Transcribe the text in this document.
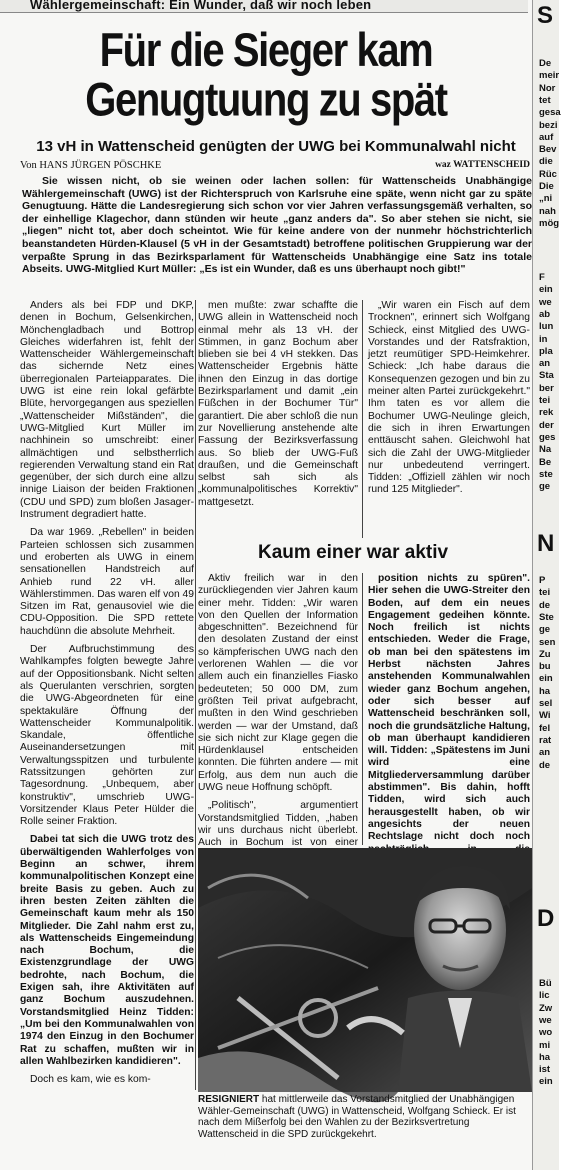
Wählergemeinschaft: Ein Wunder, daß wir noch leben
Für die Sieger kam
Genugtuung zu spät
13 vH in Wattenscheid genügten der UWG bei Kommunalwahl nicht
Von HANS JÜRGEN PÖSCHKE	waz WATTENSCHEID

Sie wissen nicht, ob sie weinen oder lachen sollen: für Wattenscheids Unabhängige Wählergemeinschaft (UWG) ist der Richterspruch von Karlsruhe eine späte, wenn nicht gar zu späte Genugtuung. Hätte die Landesregierung sich schon vor vier Jahren verfassungsgemäß verhalten, so der einhellige Klagechor, dann stünden wir heute „ganz anders da". So aber stehen sie nicht, sie „liegen" nicht tot, aber doch scheintot. Wie für keine andere von der nunmehr höchstrichterlich beanstandeten Hürden-Klausel (5 vH in der Gesamtstadt) betroffene politischen Gruppierung war der verpaßte Sprung in das Bezirksparlament für Wattenscheids Unabhängige eine Satz ins totale Abseits. UWG-Mitglied Kurt Müller: „Es ist ein Wunder, daß es uns überhaupt noch gibt!"

Anders als bei FDP und DKP, denen in Bochum, Gelsenkirchen, Mönchengladbach und Bottrop Gleiches widerfahren ist, fehlt der Wattenscheider Wählergemeinschaft das sichernde Netz eines überregionalen Parteiapparates. Die UWG ist eine rein lokal gefärbte Blüte, hervorgegangen aus speziellen „Wattenscheider Mißständen", die UWG-Mitglied Kurt Müller im nachhinein so umschreibt: einer allmächtigen und selbstherrlich regierenden Verwaltung stand ein Rat gegenüber, der sich durch eine allzu innige Liaison der beiden Fraktionen (CDU und SPD) zum bloßen Jasager-Instrument degradiert hatte.

Da war 1969. „Rebellen" in beiden Parteien schlossen sich zusammen und eroberten als UWG in einem sensationellen Handstreich auf Anhieb rund 22 vH. aller Wählerstimmen. Das waren elf von 49 Sitzen im Rat, genausoviel wie die CDU-Opposition. Die SPD rettete hauchdünn die absolute Mehrheit.

Der Aufbruchstimmung des Wahlkampfes folgten bewegte Jahre auf der Oppositionsbank. Nicht selten als Querulanten verschrien, sorgten die UWG-Abgeordneten für eine spektakuläre Öffnung der Wattenscheider Kommunalpolitik. Skandale, öffentliche Auseinandersetzungen mit Verwaltungsspitzen und turbulente Ratssitzungen gehörten zur Tagesordnung. „Unbequem, aber konstruktiv", umschrieb UWG-Vorsitzender Klaus Peter Hülder die Rolle seiner Fraktion.

Dabei tat sich die UWG trotz des überwältigenden Wahlerfolges von Beginn an schwer, ihrem kommunalpolitischen Konzept eine breite Basis zu geben. Auch zu ihren besten Zeiten zählten die Gemeinschaft kaum mehr als 150 Mitglieder. Die Zahl nahm erst zu, als Wattenscheids Eingemeindung nach Bochum, die Existenzgrundlage der UWG bedrohte, nach Bochum, die Exigen sah, ihre Aktivitäten auf ganz Bochum auszudehnen. Vorstandsmitglied Heinz Tidden: „Um bei den Kommunalwahlen von 1974 den Einzug in den Bochumer Rat zu schaffen, mußten wir in allen Wahlbezirken kandidieren".

Doch es kam, wie es kom-

men mußte: zwar schaffte die UWG allein in Wattenscheid noch einmal mehr als 13 vH. der Stimmen, in ganz Bochum aber blieben sie bei 4 vH stekken. Das Wattenscheider Ergebnis hätte ihnen den Einzug in das dortige Bezirksparlament und damit „ein Füßchen in der Bochumer Tür" garantiert. Die aber schloß die nun zur Novellierung anstehende alte Fassung der Bezirksverfassung aus. So blieb der UWG-Fuß draußen, und die Gemeinschaft selbst sah sich als „kommunalpolitisches Korrektiv" mattgesetzt.

„Wir waren ein Fisch auf dem Trocknen", erinnert sich Wolfgang Schieck, einst Mitglied des UWG-Vorstandes und der Ratsfraktion, jetzt reumütiger SPD-Heimkehrer. Schieck: „Ich habe daraus die Konsequenzen gezogen und bin zu meiner alten Partei zurückgekehrt." Ihm taten es vor allem die Bochumer UWG-Neulinge gleich, die sich in ihren Erwartungen enttäuscht sahen. Gleichwohl hat sich die Zahl der UWG-Mitglieder nur unbedeutend verringert. Tidden: „Offiziell zählen wir noch rund 125 Mitglieder".

Kaum einer war aktiv

Aktiv freilich war in den zurückliegenden vier Jahren kaum einer mehr. Tidden: „Wir waren von den Quellen der Information abgeschnitten". Bezeichnend für den desolaten Zustand der einst so kämpferischen UWG nach den verlorenen Wahlen — die vor allem auch ein finanzielles Fiasko bedeuteten; 50 000 DM, zum größten Teil privat aufgebracht, mußten in den Wind geschrieben werden — war der Umstand, daß sie sich nicht zur Klage gegen die Hürdenklausel entscheiden konnten. Die führten andere — mit Erfolg, aus dem nun auch die UWG neue Hoffnung schöpft.

„Politisch", argumentiert Vorstandsmitglied Tidden, „haben wir uns durchaus nicht überlebt. Auch in Bochum ist von einer

position nichts zu spüren". Hier sehen die UWG-Streiter den Boden, auf dem ein neues Engagement gedeihen könnte. Noch freilich ist nichts entschieden. Weder die Frage, ob man bei den spätestens im Herbst nächsten Jahres anstehenden Kommunalwahlen wieder ganz Bochum angehen, oder sich besser auf Wattenscheid beschränken soll, noch die grundsätzliche Haltung, ob man überhaupt kandidieren will. Tidden: „Spätestens im Juni wird eine Mitgliederversammlung darüber abstimmen". Bis dahin, hofft Tidden, wird sich auch herausgestellt haben, ob wir angesichts der neuen Rechtslage nicht doch noch

RESIGNIERT hat mittlerweile das Vorstandsmitglied der Unabhängigen Wähler-Gemeinschaft (UWG) in Wattenscheid, Wolfgang Schieck. Er ist nach dem Mißerfolg bei den Wahlen zu der Bezirksvertretung Wattenscheid in die SPD zurückgekehrt.
S
N
D
De
meir
Nor
tet
gesa
bezi
auf
Bev
die
Rüc
Die
„ni
nah
mög
F
ein
we
ab
lun
in
pla
an
Sta
ber
tei
rek
der
ges
Na
Be
ste
ge
P
tei
de
Ste
ge
sen
Zu
bu
ein
ha
sel
Wi
fel
rat
an
de
Bü
lic
Zw
we
wo
mi
ha
ist
ein
